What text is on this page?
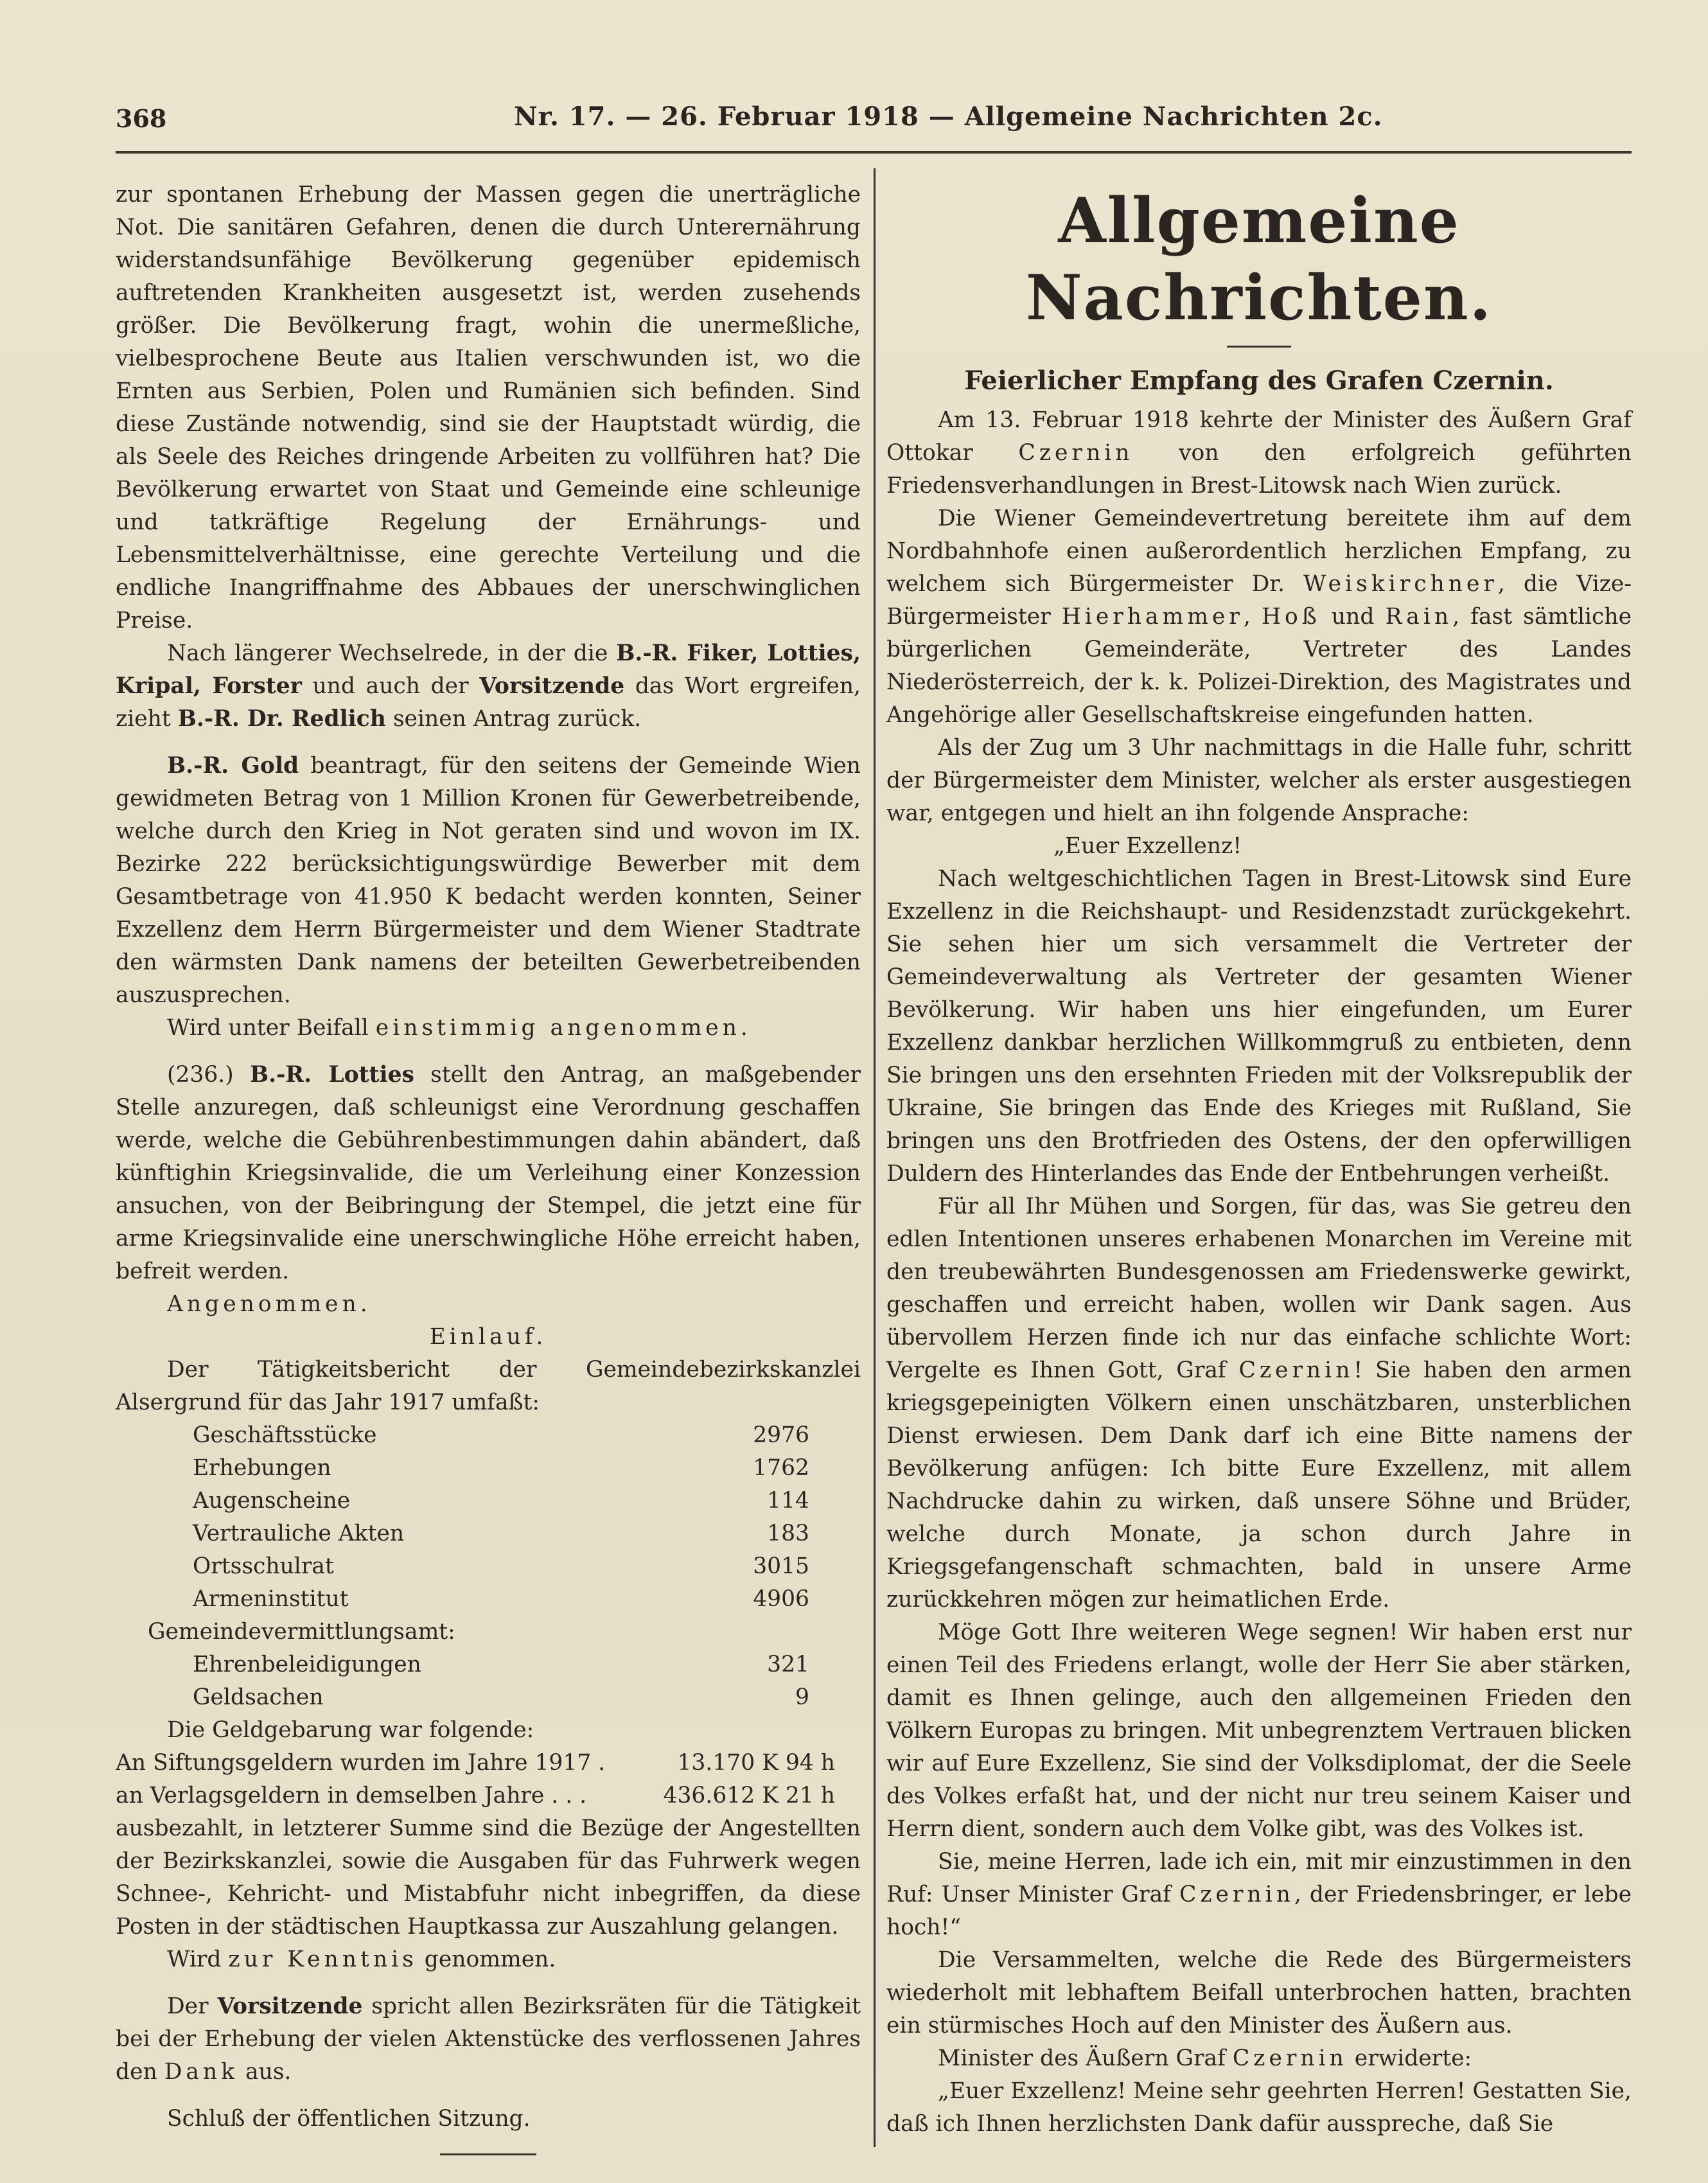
368	Nr. 17. — 26. Februar 1918 — Allgemeine Nachrichten 2c.

zur spontanen Erhebung der Massen gegen die unerträgliche Not. Die sanitären Gefahren, denen die durch Unterernährung widerstandsunfähige Bevölkerung gegenüber epidemisch auftretenden Krankheiten ausgesetzt ist, werden zusehends größer. Die Bevölkerung fragt, wohin die unermeßliche, vielbesprochene Beute aus Italien verschwunden ist, wo die Ernten aus Serbien, Polen und Rumänien sich befinden. Sind diese Zustände notwendig, sind sie der Hauptstadt würdig, die als Seele des Reiches dringende Arbeiten zu vollführen hat? Die Bevölkerung erwartet von Staat und Gemeinde eine schleunige und tatkräftige Regelung der Ernährungs- und Lebensmittelverhältnisse, eine gerechte Verteilung und die endliche Inangriffnahme des Abbaues der unerschwinglichen Preise.

Nach längerer Wechselrede, in der die B.-R. Fiker, Lotties, Kripal, Forster und auch der Vorsitzende das Wort ergreifen, zieht B.-R. Dr. Redlich seinen Antrag zurück.

B.-R. Gold beantragt, für den seitens der Gemeinde Wien gewidmeten Betrag von 1 Million Kronen für Gewerbetreibende, welche durch den Krieg in Not geraten sind und wovon im IX. Bezirke 222 berücksichtigungswürdige Bewerber mit dem Gesamtbetrage von 41.950 K bedacht werden konnten, Seiner Exzellenz dem Herrn Bürgermeister und dem Wiener Stadtrate den wärmsten Dank namens der beteilten Gewerbetreibenden auszusprechen.

Wird unter Beifall einstimmig angenommen.

(236.) B.-R. Lotties stellt den Antrag, an maßgebender Stelle anzuregen, daß schleunigst eine Verordnung geschaffen werde, welche die Gebührenbestimmungen dahin abändert, daß künftighin Kriegsinvalide, die um Verleihung einer Konzession ansuchen, von der Beibringung der Stempel, die jetzt eine für arme Kriegsinvalide eine unerschwingliche Höhe erreicht haben, befreit werden.

Angenommen.

Einlauf.

Der Tätigkeitsbericht der Gemeindebezirkskanzlei Alsergrund für das Jahr 1917 umfaßt:

Geschäftsstücke	2976
Erhebungen	1762
Augenscheine	114
Vertrauliche Akten	183
Ortsschulrat	3015
Armeninstitut	4906

Gemeindevermittlungsamt:

Ehrenbeleidigungen	321
Geldsachen	9

Die Geldgebarung war folgende:

An Siftungsgeldern wurden im Jahre 1917 .	13.170 K 94 h
an Verlagsgeldern in demselben Jahre . . .	436.612 K 21 h

ausbezahlt, in letzterer Summe sind die Bezüge der Angestellten der Bezirkskanzlei, sowie die Ausgaben für das Fuhrwerk wegen Schnee-, Kehricht- und Mistabfuhr nicht inbegriffen, da diese Posten in der städtischen Hauptkassa zur Auszahlung gelangen.

Wird zur Kenntnis genommen.

Der Vorsitzende spricht allen Bezirksräten für die Tätigkeit bei der Erhebung der vielen Aktenstücke des verflossenen Jahres den Dank aus.

Schluß der öffentlichen Sitzung.

Allgemeine Nachrichten.
Feierlicher Empfang des Grafen Czernin.

Am 13. Februar 1918 kehrte der Minister des Äußern Graf Ottokar Czernin von den erfolgreich geführten Friedensverhandlungen in Brest-Litowsk nach Wien zurück.

Die Wiener Gemeindevertretung bereitete ihm auf dem Nordbahnhofe einen außerordentlich herzlichen Empfang, zu welchem sich Bürgermeister Dr. Weiskirchner, die Vize-Bürgermeister Hierhammer, Hoß und Rain, fast sämtliche bürgerlichen Gemeinderäte, Vertreter des Landes Niederösterreich, der k. k. Polizei-Direktion, des Magistrates und Angehörige aller Gesellschaftskreise eingefunden hatten.

Als der Zug um 3 Uhr nachmittags in die Halle fuhr, schritt der Bürgermeister dem Minister, welcher als erster ausgestiegen war, entgegen und hielt an ihn folgende Ansprache:

„Euer Exzellenz!

Nach weltgeschichtlichen Tagen in Brest-Litowsk sind Eure Exzellenz in die Reichshaupt- und Residenzstadt zurückgekehrt. Sie sehen hier um sich versammelt die Vertreter der Gemeindeverwaltung als Vertreter der gesamten Wiener Bevölkerung. Wir haben uns hier eingefunden, um Eurer Exzellenz dankbar herzlichen Willkommgruß zu entbieten, denn Sie bringen uns den ersehnten Frieden mit der Volksrepublik der Ukraine, Sie bringen das Ende des Krieges mit Rußland, Sie bringen uns den Brotfrieden des Ostens, der den opferwilligen Duldern des Hinterlandes das Ende der Entbehrungen verheißt.

Für all Ihr Mühen und Sorgen, für das, was Sie getreu den edlen Intentionen unseres erhabenen Monarchen im Vereine mit den treubewährten Bundesgenossen am Friedenswerke gewirkt, geschaffen und erreicht haben, wollen wir Dank sagen. Aus übervollem Herzen finde ich nur das einfache schlichte Wort: Vergelte es Ihnen Gott, Graf Czernin! Sie haben den armen kriegsgepeinigten Völkern einen unschätzbaren, unsterblichen Dienst erwiesen. Dem Dank darf ich eine Bitte namens der Bevölkerung anfügen: Ich bitte Eure Exzellenz, mit allem Nachdrucke dahin zu wirken, daß unsere Söhne und Brüder, welche durch Monate, ja schon durch Jahre in Kriegsgefangenschaft schmachten, bald in unsere Arme zurückkehren mögen zur heimatlichen Erde.

Möge Gott Ihre weiteren Wege segnen! Wir haben erst nur einen Teil des Friedens erlangt, wolle der Herr Sie aber stärken, damit es Ihnen gelinge, auch den allgemeinen Frieden den Völkern Europas zu bringen. Mit unbegrenztem Vertrauen blicken wir auf Eure Exzellenz, Sie sind der Volksdiplomat, der die Seele des Volkes erfaßt hat, und der nicht nur treu seinem Kaiser und Herrn dient, sondern auch dem Volke gibt, was des Volkes ist.

Sie, meine Herren, lade ich ein, mit mir einzustimmen in den Ruf: Unser Minister Graf Czernin, der Friedensbringer, er lebe hoch!“

Die Versammelten, welche die Rede des Bürgermeisters wiederholt mit lebhaftem Beifall unterbrochen hatten, brachten ein stürmisches Hoch auf den Minister des Äußern aus.

Minister des Äußern Graf Czernin erwiderte:

„Euer Exzellenz! Meine sehr geehrten Herren! Gestatten Sie, daß ich Ihnen herzlichsten Dank dafür ausspreche, daß Sie
